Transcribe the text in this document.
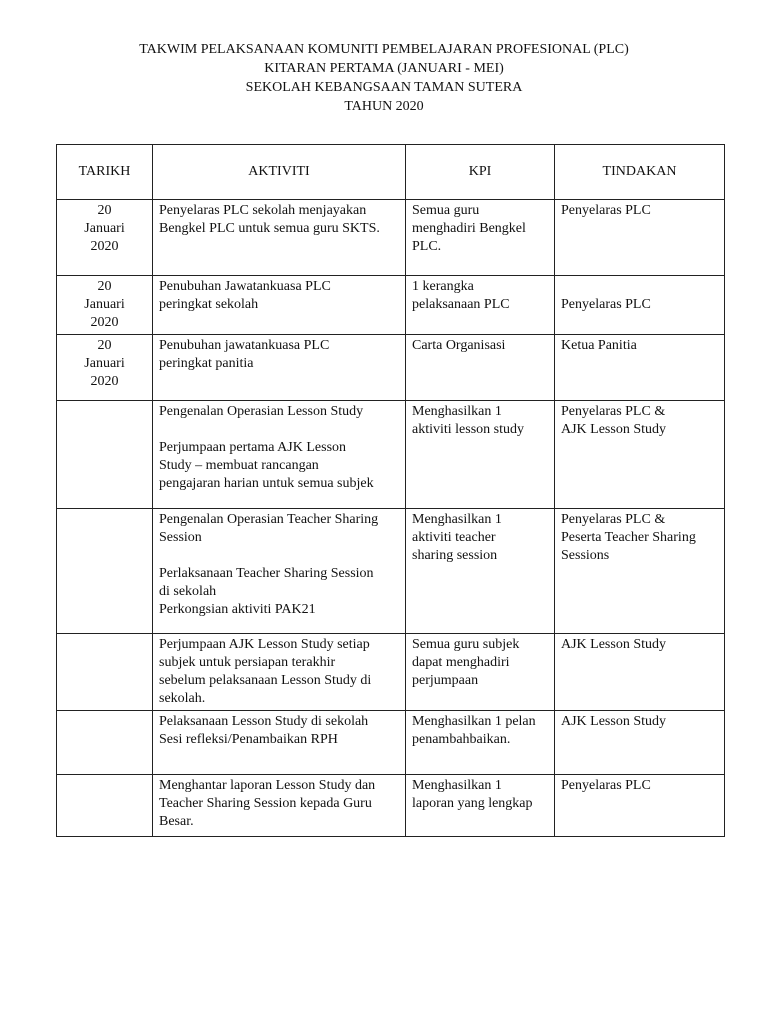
TAKWIM PELAKSANAAN KOMUNITI PEMBELAJARAN PROFESIONAL (PLC)
KITARAN PERTAMA (JANUARI - MEI)
SEKOLAH KEBANGSAAN TAMAN SUTERA
TAHUN 2020
TARIKH	AKTIVITI	KPI	TINDAKAN

20
Januari
2020	Penyelaras PLC sekolah menjayakan
Bengkel PLC untuk semua guru SKTS.	Semua guru
menghadiri Bengkel
PLC.	Penyelaras PLC

20
Januari
2020	Penubuhan Jawatankuasa PLC
peringkat sekolah	1 kerangka
pelaksanaan PLC	Penyelaras PLC

20
Januari
2020	Penubuhan jawatankuasa PLC
peringkat panitia	Carta Organisasi	Ketua Panitia

	Pengenalan Operasian Lesson Study
Perjumpaan pertama AJK Lesson
Study – membuat rancangan
pengajaran harian untuk semua subjek	Menghasilkan 1
aktiviti lesson study	Penyelaras PLC &
AJK Lesson Study

	Pengenalan Operasian Teacher Sharing
Session
Perlaksanaan Teacher Sharing Session
di sekolah
Perkongsian aktiviti PAK21	Menghasilkan 1
aktiviti teacher
sharing session	Penyelaras PLC &
Peserta Teacher Sharing
Sessions

	Perjumpaan AJK Lesson Study setiap
subjek untuk persiapan terakhir
sebelum pelaksanaan Lesson Study di
sekolah.	Semua guru subjek
dapat menghadiri
perjumpaan	AJK Lesson Study

	Pelaksanaan Lesson Study di sekolah
Sesi refleksi/Penambaikan RPH	Menghasilkan 1 pelan
penambahbaikan.	AJK Lesson Study

	Menghantar laporan Lesson Study dan
Teacher Sharing Session kepada Guru
Besar.	Menghasilkan 1
laporan yang lengkap	Penyelaras PLC
